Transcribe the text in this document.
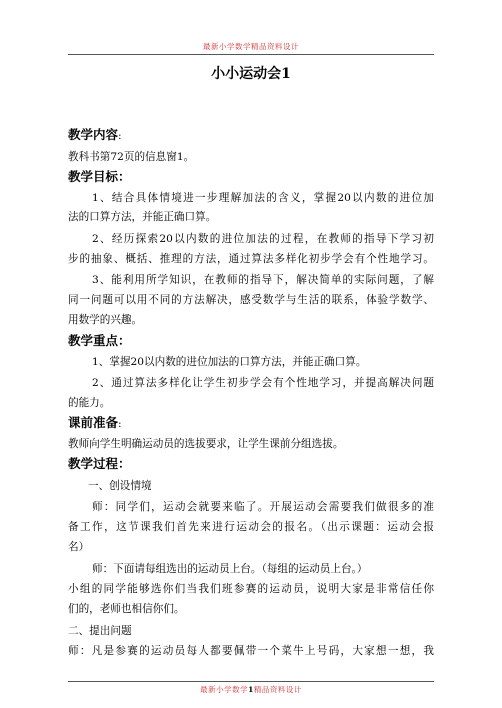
最新小学数学精品资料设计
小小运动会1
教学内容:
教科书第72页的信息窗1。
教学目标：
1、结合具体情境进一步理解加法的含义，掌握20以内数的进位加
法的口算方法，并能正确口算。
2、经历探索20以内数的进位加法的过程，在教师的指导下学习初
步的抽象、概括、推理的方法，通过算法多样化初步学会有个性地学习。
3、能利用所学知识，在教师的指导下，解决简单的实际问题，了解
同一问题可以用不同的方法解决，感受数学与生活的联系，体验学数学、
用数学的兴趣。
教学重点：
1、掌握20以内数的进位加法的口算方法，并能正确口算。
2、通过算法多样化让学生初步学会有个性地学习，并提高解决问题
的能力。
课前准备:
教师向学生明确运动员的选拔要求，让学生课前分组选拔。
教学过程：
一、创设情境
师：同学们，运动会就要来临了。开展运动会需要我们做很多的准
备工作，这节课我们首先来进行运动会的报名。（出示课题：运动会报
名）
师：下面请每组选出的运动员上台。（每组的运动员上台。）
小组的同学能够选你们当我们班参赛的运动员，说明大家是非常信任你
们的，老师也相信你们。
二、提出问题
师：凡是参赛的运动员每人都要佩带一个菜牛上号码，大家想一想，我
最新小学数学1精品资料设计
